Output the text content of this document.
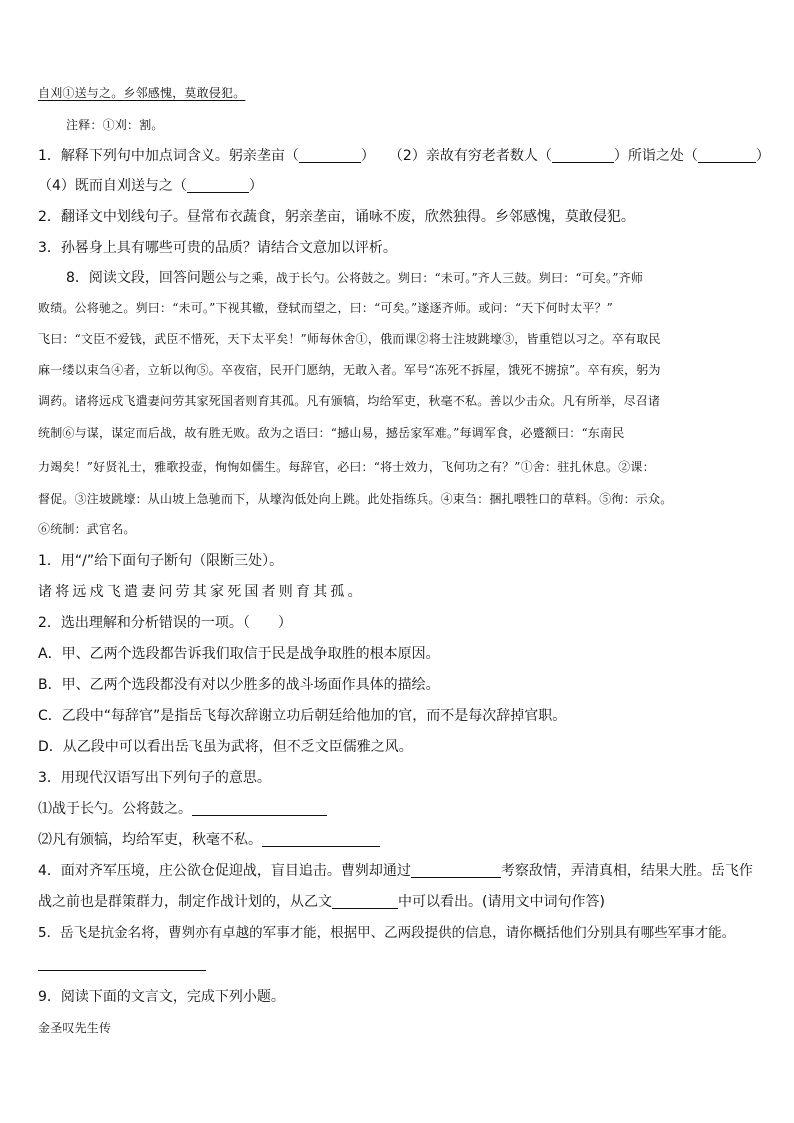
自刈①送与之。乡邻感愧，莫敢侵犯。
注释：①刈：割。
1．解释下列句中加点词含义。躬亲垄亩（	）　　（2）亲故有穷老者数人（	）所诣之处（	）
（4）既而自刈送与之（	）
2．翻译文中划线句子。昼常布衣蔬食，躬亲垄亩，诵咏不废，欣然独得。乡邻感愧，莫敢侵犯。
3．孙晷身上具有哪些可贵的品质？请结合文意加以评析。
8．阅读文段，回答问题公与之乘，战于长勺。公将鼓之。刿曰：“未可。”齐人三鼓。刿曰：“可矣。”齐师
败绩。公将驰之。刿曰：“未可。”下视其辙，登轼而望之，曰：“可矣。”遂逐齐师。或问：“天下何时太平？”
飞曰：“文臣不爱钱，武臣不惜死，天下太平矣！”师每休舍①，俄而课②将士注坡跳壕③，皆重铠以习之。卒有取民
麻一缕以束刍④者，立斩以徇⑤。卒夜宿，民开门愿纳，无敢入者。军号“冻死不拆屋，饿死不掳掠”。卒有疾，躬为
调药。诸将远戍飞遣妻问劳其家死国者则育其孤。凡有颁犒，均给军吏，秋毫不私。善以少击众。凡有所举，尽召诸
统制⑥与谋，谋定而后战，故有胜无败。敌为之语曰：“撼山易，撼岳家军难。”每调军食，必蹙额曰：“东南民
力竭矣！”好贤礼士，雅歌投壶，恂恂如儒生。每辞官，必曰：“将士效力，飞何功之有？”①舍：驻扎休息。②课：
督促。③注坡跳壕：从山坡上急驰而下，从壕沟低处向上跳。此处指练兵。④束刍：捆扎喂牲口的草料。⑤徇：示众。
⑥统制：武官名。
1．用“/”给下面句子断句（限断三处）。
诸将远戍飞遣妻问劳其家死国者则育其孤。
2．选出理解和分析错误的一项。（　　）
A．甲、乙两个选段都告诉我们取信于民是战争取胜的根本原因。
B．甲、乙两个选段都没有对以少胜多的战斗场面作具体的描绘。
C．乙段中“每辞官”是指岳飞每次辞谢立功后朝廷给他加的官，而不是每次辞掉官职。
D．从乙段中可以看出岳飞虽为武将，但不乏文臣儒雅之风。
3．用现代汉语写出下列句子的意思。
⑴战于长勺。公将鼓之。
⑵凡有颁犒，均给军吏，秋毫不私。
4．面对齐军压境，庄公欲仓促迎战，盲目追击。曹刿却通过	考察敌情，弄清真相，结果大胜。岳飞作
战之前也是群策群力，制定作战计划的，从乙文	中可以看出。(请用文中词句作答)
5．岳飞是抗金名将，曹刿亦有卓越的军事才能，根据甲、乙两段提供的信息，请你概括他们分别具有哪些军事才能。
9．阅读下面的文言文，完成下列小题。
金圣叹先生传
